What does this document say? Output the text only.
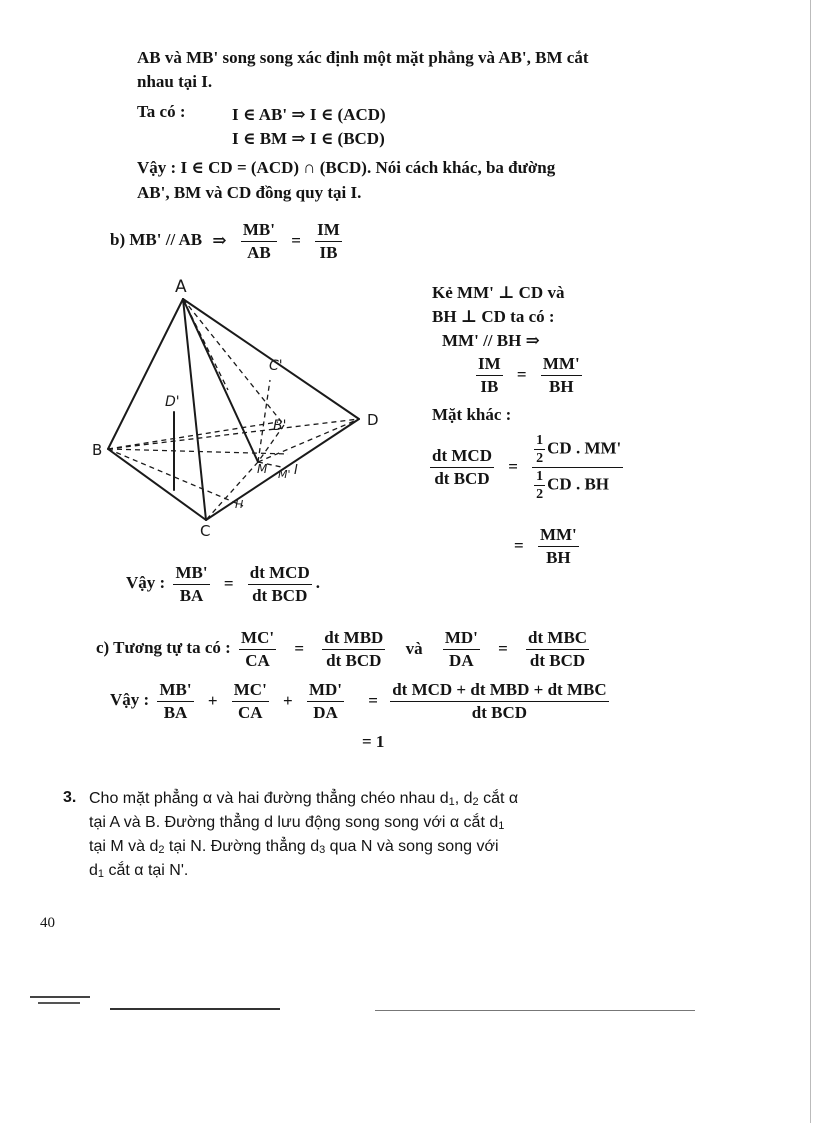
AB và MB' song song xác định một mặt phẳng và AB', BM cắt
nhau tại I.
Ta có :	I ∈ AB' ⇒ I ∈ (ACD)
I ∈ BM ⇒ I ∈ (BCD)
Vậy : I ∈ CD = (ACD) ∩ (BCD). Nói cách khác, ba đường
AB', BM và CD đồng quy tại I.
b) MB' // AB ⇒ $\frac{MB'}{AB} = \frac{IM}{IB}$
A
B
C
D
D'
C'
B'
M M' I
H
Kẻ MM' ⊥ CD và
BH ⊥ CD ta có :
MM' // BH ⇒
$\frac{IM}{IB} = \frac{MM'}{BH}$
Mặt khác :
$\frac{\text{dt MCD}}{\text{dt BCD}} = \frac{\frac{1}{2} CD . MM'}{\frac{1}{2} CD . BH}$
= $\frac{MM'}{BH}$
Vậy : $\frac{MB'}{BA} = \frac{\text{dt MCD}}{\text{dt BCD}}$ .
c) Tương tự ta có : $\frac{MC'}{CA} = \frac{\text{dt MBD}}{\text{dt BCD}}$ và $\frac{MD'}{DA} = \frac{\text{dt MBC}}{\text{dt BCD}}$
Vậy : $\frac{MB'}{BA} + \frac{MC'}{CA} + \frac{MD'}{DA} = \frac{\text{dt MCD + dt MBD + dt MBC}}{\text{dt BCD}}$
= 1
3. Cho mặt phẳng α và hai đường thẳng chéo nhau $d_1$, $d_2$ cắt α
tại A và B. Đường thẳng d lưu động song song với α cắt $d_1$
tại M và $d_2$ tại N. Đường thẳng $d_3$ qua N và song song với
$d_1$ cắt α tại N'.
40
